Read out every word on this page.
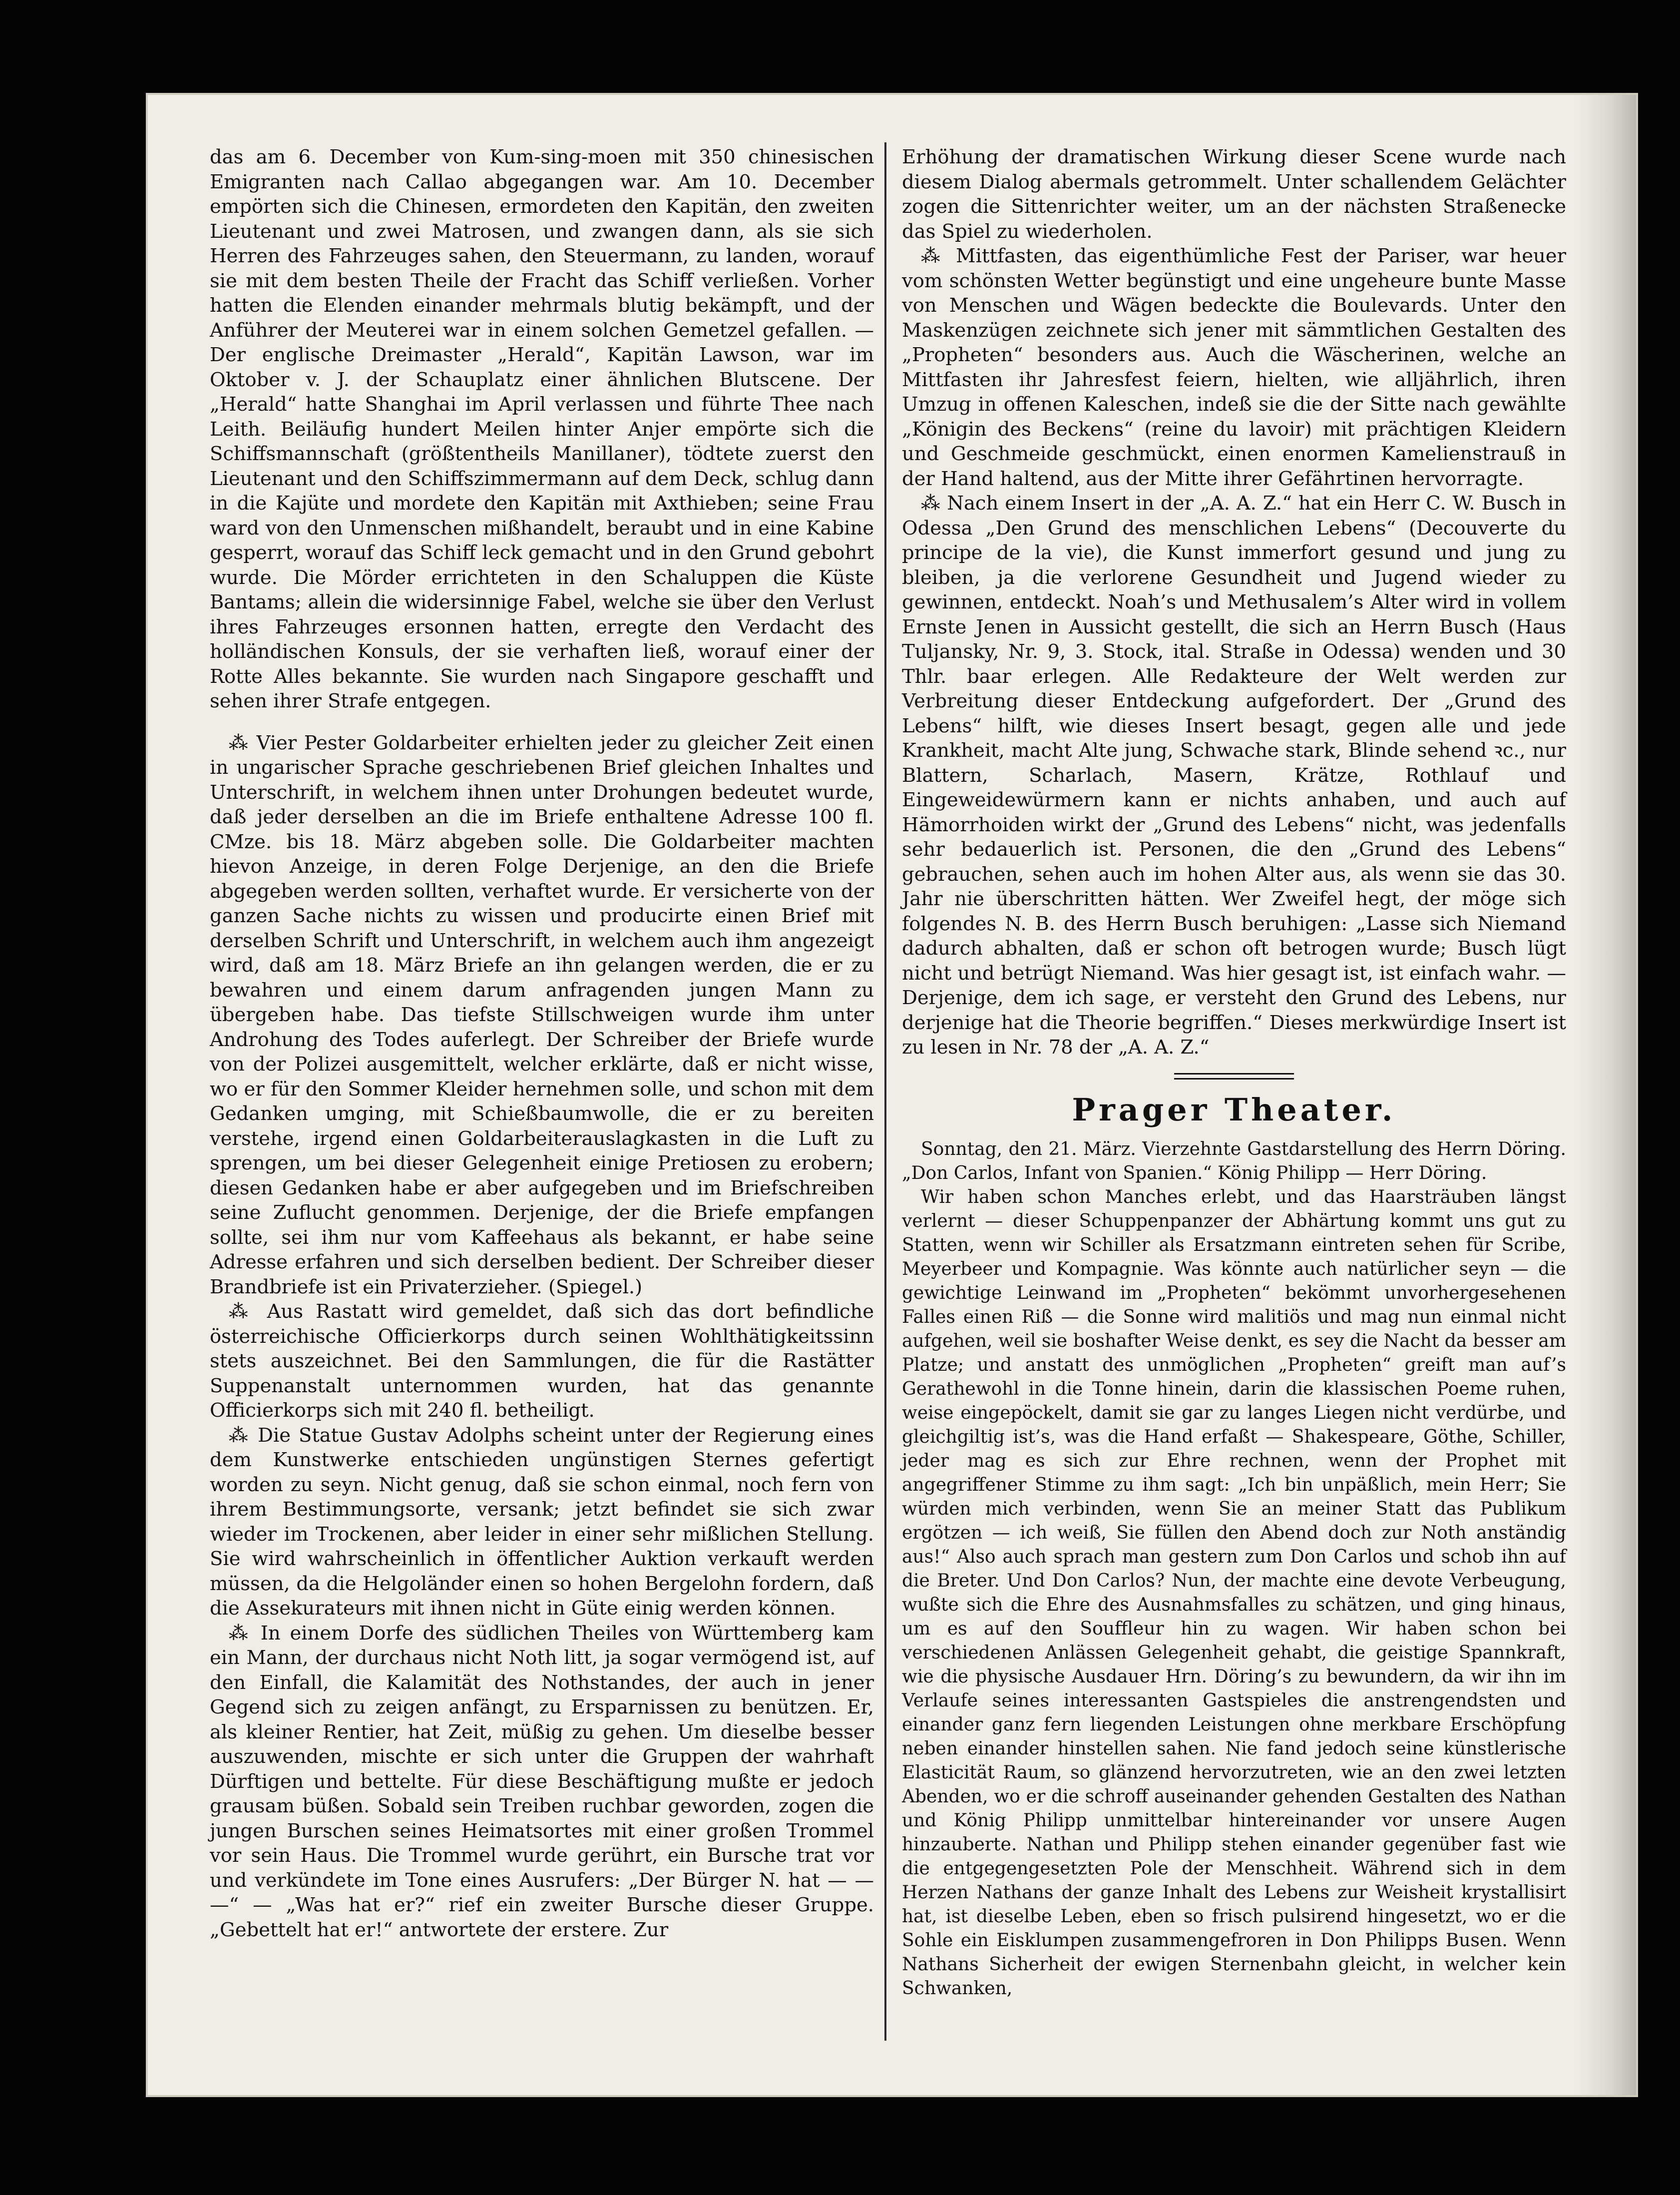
das am 6. December von Kum-sing-moen mit 350 chinesischen Emigranten nach Callao abgegangen war. Am 10. December empörten sich die Chinesen, ermordeten den Kapitän, den zweiten Lieutenant und zwei Matrosen, und zwangen dann, als sie sich Herren des Fahrzeuges sahen, den Steuermann, zu landen, worauf sie mit dem besten Theile der Fracht das Schiff verließen. Vorher hatten die Elenden einander mehrmals blutig bekämpft, und der Anführer der Meuterei war in einem solchen Gemetzel gefallen. — Der englische Dreimaster „Herald“, Kapitän Lawson, war im Oktober v. J. der Schauplatz einer ähnlichen Blutscene. Der „Herald“ hatte Shanghai im April verlassen und führte Thee nach Leith. Beiläufig hundert Meilen hinter Anjer empörte sich die Schiffsmannschaft (größtentheils Manillaner), tödtete zuerst den Lieutenant und den Schiffszimmermann auf dem Deck, schlug dann in die Kajüte und mordete den Kapitän mit Axthieben; seine Frau ward von den Unmenschen mißhandelt, beraubt und in eine Kabine gesperrt, worauf das Schiff leck gemacht und in den Grund gebohrt wurde. Die Mörder errichteten in den Schaluppen die Küste Bantams; allein die widersinnige Fabel, welche sie über den Verlust ihres Fahrzeuges ersonnen hatten, erregte den Verdacht des holländischen Konsuls, der sie verhaften ließ, worauf einer der Rotte Alles bekannte. Sie wurden nach Singapore geschafft und sehen ihrer Strafe entgegen.

⁂ Vier Pester Goldarbeiter erhielten jeder zu gleicher Zeit einen in ungarischer Sprache geschriebenen Brief gleichen Inhaltes und Unterschrift, in welchem ihnen unter Drohungen bedeutet wurde, daß jeder derselben an die im Briefe enthaltene Adresse 100 fl. CMze. bis 18. März abgeben solle. Die Goldarbeiter machten hievon Anzeige, in deren Folge Derjenige, an den die Briefe abgegeben werden sollten, verhaftet wurde. Er versicherte von der ganzen Sache nichts zu wissen und producirte einen Brief mit derselben Schrift und Unterschrift, in welchem auch ihm angezeigt wird, daß am 18. März Briefe an ihn gelangen werden, die er zu bewahren und einem darum anfragenden jungen Mann zu übergeben habe. Das tiefste Stillschweigen wurde ihm unter Androhung des Todes auferlegt. Der Schreiber der Briefe wurde von der Polizei ausgemittelt, welcher erklärte, daß er nicht wisse, wo er für den Sommer Kleider hernehmen solle, und schon mit dem Gedanken umging, mit Schießbaumwolle, die er zu bereiten verstehe, irgend einen Goldarbeiterauslagkasten in die Luft zu sprengen, um bei dieser Gelegenheit einige Pretiosen zu erobern; diesen Gedanken habe er aber aufgegeben und im Briefschreiben seine Zuflucht genommen. Derjenige, der die Briefe empfangen sollte, sei ihm nur vom Kaffeehaus als bekannt, er habe seine Adresse erfahren und sich derselben bedient. Der Schreiber dieser Brandbriefe ist ein Privaterzieher. (Spiegel.)

⁂ Aus Rastatt wird gemeldet, daß sich das dort befindliche österreichische Officierkorps durch seinen Wohlthätigkeitssinn stets auszeichnet. Bei den Sammlungen, die für die Rastätter Suppenanstalt unternommen wurden, hat das genannte Officierkorps sich mit 240 fl. betheiligt.

⁂ Die Statue Gustav Adolphs scheint unter der Regierung eines dem Kunstwerke entschieden ungünstigen Sternes gefertigt worden zu seyn. Nicht genug, daß sie schon einmal, noch fern von ihrem Bestimmungsorte, versank; jetzt befindet sie sich zwar wieder im Trockenen, aber leider in einer sehr mißlichen Stellung. Sie wird wahrscheinlich in öffentlicher Auktion verkauft werden müssen, da die Helgoländer einen so hohen Bergelohn fordern, daß die Assekurateurs mit ihnen nicht in Güte einig werden können.

⁂ In einem Dorfe des südlichen Theiles von Württemberg kam ein Mann, der durchaus nicht Noth litt, ja sogar vermögend ist, auf den Einfall, die Kalamität des Nothstandes, der auch in jener Gegend sich zu zeigen anfängt, zu Ersparnissen zu benützen. Er, als kleiner Rentier, hat Zeit, müßig zu gehen. Um dieselbe besser auszuwenden, mischte er sich unter die Gruppen der wahrhaft Dürftigen und bettelte. Für diese Beschäftigung mußte er jedoch grausam büßen. Sobald sein Treiben ruchbar geworden, zogen die jungen Burschen seines Heimatsortes mit einer großen Trommel vor sein Haus. Die Trommel wurde gerührt, ein Bursche trat vor und verkündete im Tone eines Ausrufers: „Der Bürger N. hat — — —“ — „Was hat er?“ rief ein zweiter Bursche dieser Gruppe. „Gebettelt hat er!“ antwortete der erstere. Zur

Erhöhung der dramatischen Wirkung dieser Scene wurde nach diesem Dialog abermals getrommelt. Unter schallendem Gelächter zogen die Sittenrichter weiter, um an der nächsten Straßenecke das Spiel zu wiederholen.

⁂ Mittfasten, das eigenthümliche Fest der Pariser, war heuer vom schönsten Wetter begünstigt und eine ungeheure bunte Masse von Menschen und Wägen bedeckte die Boulevards. Unter den Maskenzügen zeichnete sich jener mit sämmtlichen Gestalten des „Propheten“ besonders aus. Auch die Wäscherinen, welche an Mittfasten ihr Jahresfest feiern, hielten, wie alljährlich, ihren Umzug in offenen Kaleschen, indeß sie die der Sitte nach gewählte „Königin des Beckens“ (reine du lavoir) mit prächtigen Kleidern und Geschmeide geschmückt, einen enormen Kamelienstrauß in der Hand haltend, aus der Mitte ihrer Gefährtinen hervorragte.

⁂ Nach einem Insert in der „A. A. Z.“ hat ein Herr C. W. Busch in Odessa „Den Grund des menschlichen Lebens“ (Decouverte du principe de la vie), die Kunst immerfort gesund und jung zu bleiben, ja die verlorene Gesundheit und Jugend wieder zu gewinnen, entdeckt. Noah’s und Methusalem’s Alter wird in vollem Ernste Jenen in Aussicht gestellt, die sich an Herrn Busch (Haus Tuljansky, Nr. 9, 3. Stock, ital. Straße in Odessa) wenden und 30 Thlr. baar erlegen. Alle Redakteure der Welt werden zur Verbreitung dieser Entdeckung aufgefordert. Der „Grund des Lebens“ hilft, wie dieses Insert besagt, gegen alle und jede Krankheit, macht Alte jung, Schwache stark, Blinde sehend ꝛc., nur Blattern, Scharlach, Masern, Krätze, Rothlauf und Eingeweidewürmern kann er nichts anhaben, und auch auf Hämorrhoiden wirkt der „Grund des Lebens“ nicht, was jedenfalls sehr bedauerlich ist. Personen, die den „Grund des Lebens“ gebrauchen, sehen auch im hohen Alter aus, als wenn sie das 30. Jahr nie überschritten hätten. Wer Zweifel hegt, der möge sich folgendes N. B. des Herrn Busch beruhigen: „Lasse sich Niemand dadurch abhalten, daß er schon oft betrogen wurde; Busch lügt nicht und betrügt Niemand. Was hier gesagt ist, ist einfach wahr. — Derjenige, dem ich sage, er versteht den Grund des Lebens, nur derjenige hat die Theorie begriffen.“ Dieses merkwürdige Insert ist zu lesen in Nr. 78 der „A. A. Z.“

Prager Theater.

Sonntag, den 21. März. Vierzehnte Gastdarstellung des Herrn Döring. „Don Carlos, Infant von Spanien.“ König Philipp — Herr Döring.

Wir haben schon Manches erlebt, und das Haarsträuben längst verlernt — dieser Schuppenpanzer der Abhärtung kommt uns gut zu Statten, wenn wir Schiller als Ersatzmann eintreten sehen für Scribe, Meyerbeer und Kompagnie. Was könnte auch natürlicher seyn — die gewichtige Leinwand im „Propheten“ bekömmt unvorhergesehenen Falles einen Riß — die Sonne wird malitiös und mag nun einmal nicht aufgehen, weil sie boshafter Weise denkt, es sey die Nacht da besser am Platze; und anstatt des unmöglichen „Propheten“ greift man auf’s Gerathewohl in die Tonne hinein, darin die klassischen Poeme ruhen, weise eingepöckelt, damit sie gar zu langes Liegen nicht verdürbe, und gleichgiltig ist’s, was die Hand erfaßt — Shakespeare, Göthe, Schiller, jeder mag es sich zur Ehre rechnen, wenn der Prophet mit angegriffener Stimme zu ihm sagt: „Ich bin unpäßlich, mein Herr; Sie würden mich verbinden, wenn Sie an meiner Statt das Publikum ergötzen — ich weiß, Sie füllen den Abend doch zur Noth anständig aus!“ Also auch sprach man gestern zum Don Carlos und schob ihn auf die Breter. Und Don Carlos? Nun, der machte eine devote Verbeugung, wußte sich die Ehre des Ausnahmsfalles zu schätzen, und ging hinaus, um es auf den Souffleur hin zu wagen. Wir haben schon bei verschiedenen Anlässen Gelegenheit gehabt, die geistige Spannkraft, wie die physische Ausdauer Hrn. Döring’s zu bewundern, da wir ihn im Verlaufe seines interessanten Gastspieles die anstrengendsten und einander ganz fern liegenden Leistungen ohne merkbare Erschöpfung neben einander hinstellen sahen. Nie fand jedoch seine künstlerische Elasticität Raum, so glänzend hervorzutreten, wie an den zwei letzten Abenden, wo er die schroff auseinander gehenden Gestalten des Nathan und König Philipp unmittelbar hintereinander vor unsere Augen hinzauberte. Nathan und Philipp stehen einander gegenüber fast wie die entgegengesetzten Pole der Menschheit. Während sich in dem Herzen Nathans der ganze Inhalt des Lebens zur Weisheit krystallisirt hat, ist dieselbe Leben, eben so frisch pulsirend hingesetzt, wo er die Sohle ein Eisklumpen zusammengefroren in Don Philipps Busen. Wenn Nathans Sicherheit der ewigen Sternenbahn gleicht, in welcher kein Schwanken,
